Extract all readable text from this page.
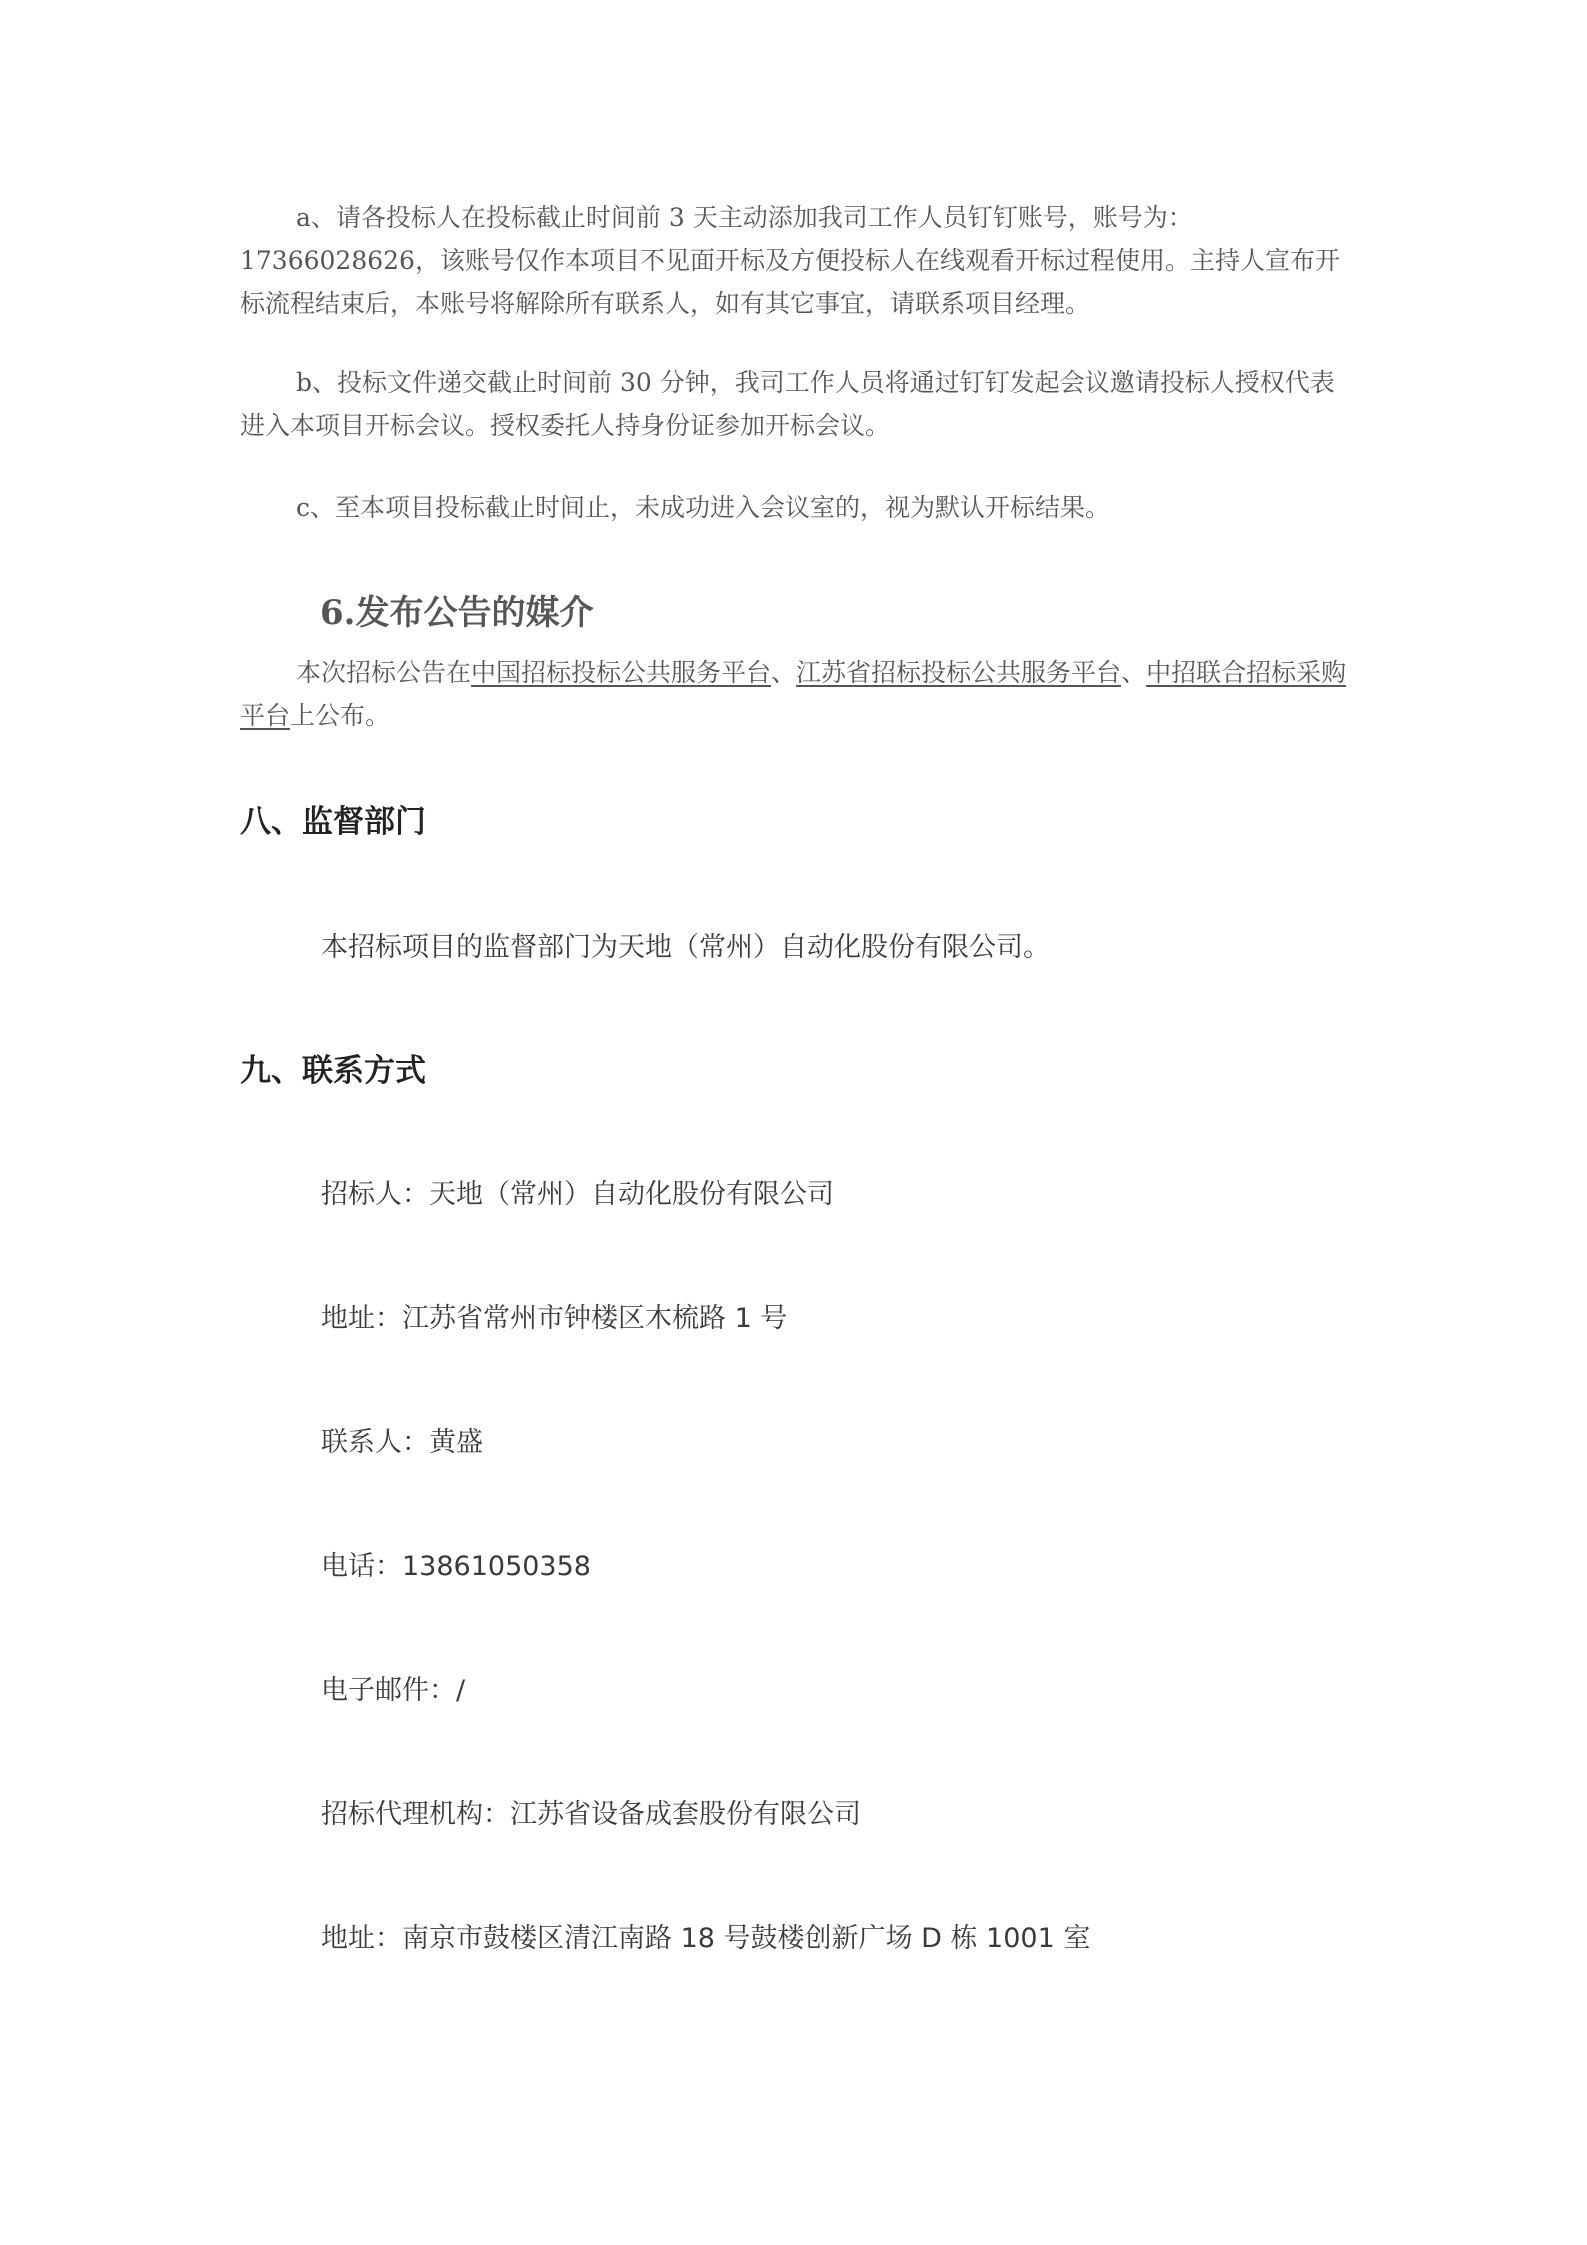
a、请各投标人在投标截止时间前 3 天主动添加我司工作人员钉钉账号，账号为：17366028626，该账号仅作本项目不见面开标及方便投标人在线观看开标过程使用。主持人宣布开标流程结束后，本账号将解除所有联系人，如有其它事宜，请联系项目经理。

b、投标文件递交截止时间前 30 分钟，我司工作人员将通过钉钉发起会议邀请投标人授权代表进入本项目开标会议。授权委托人持身份证参加开标会议。

c、至本项目投标截止时间止，未成功进入会议室的，视为默认开标结果。

6.发布公告的媒介

本次招标公告在中国招标投标公共服务平台、江苏省招标投标公共服务平台、中招联合招标采购平台上公布。

八、监督部门

本招标项目的监督部门为天地（常州）自动化股份有限公司。

九、联系方式

招标人：天地（常州）自动化股份有限公司

地址：江苏省常州市钟楼区木梳路 1 号

联系人：黄盛

电话：13861050358

电子邮件：/

招标代理机构：江苏省设备成套股份有限公司

地址：南京市鼓楼区清江南路 18 号鼓楼创新广场 D 栋 1001 室
